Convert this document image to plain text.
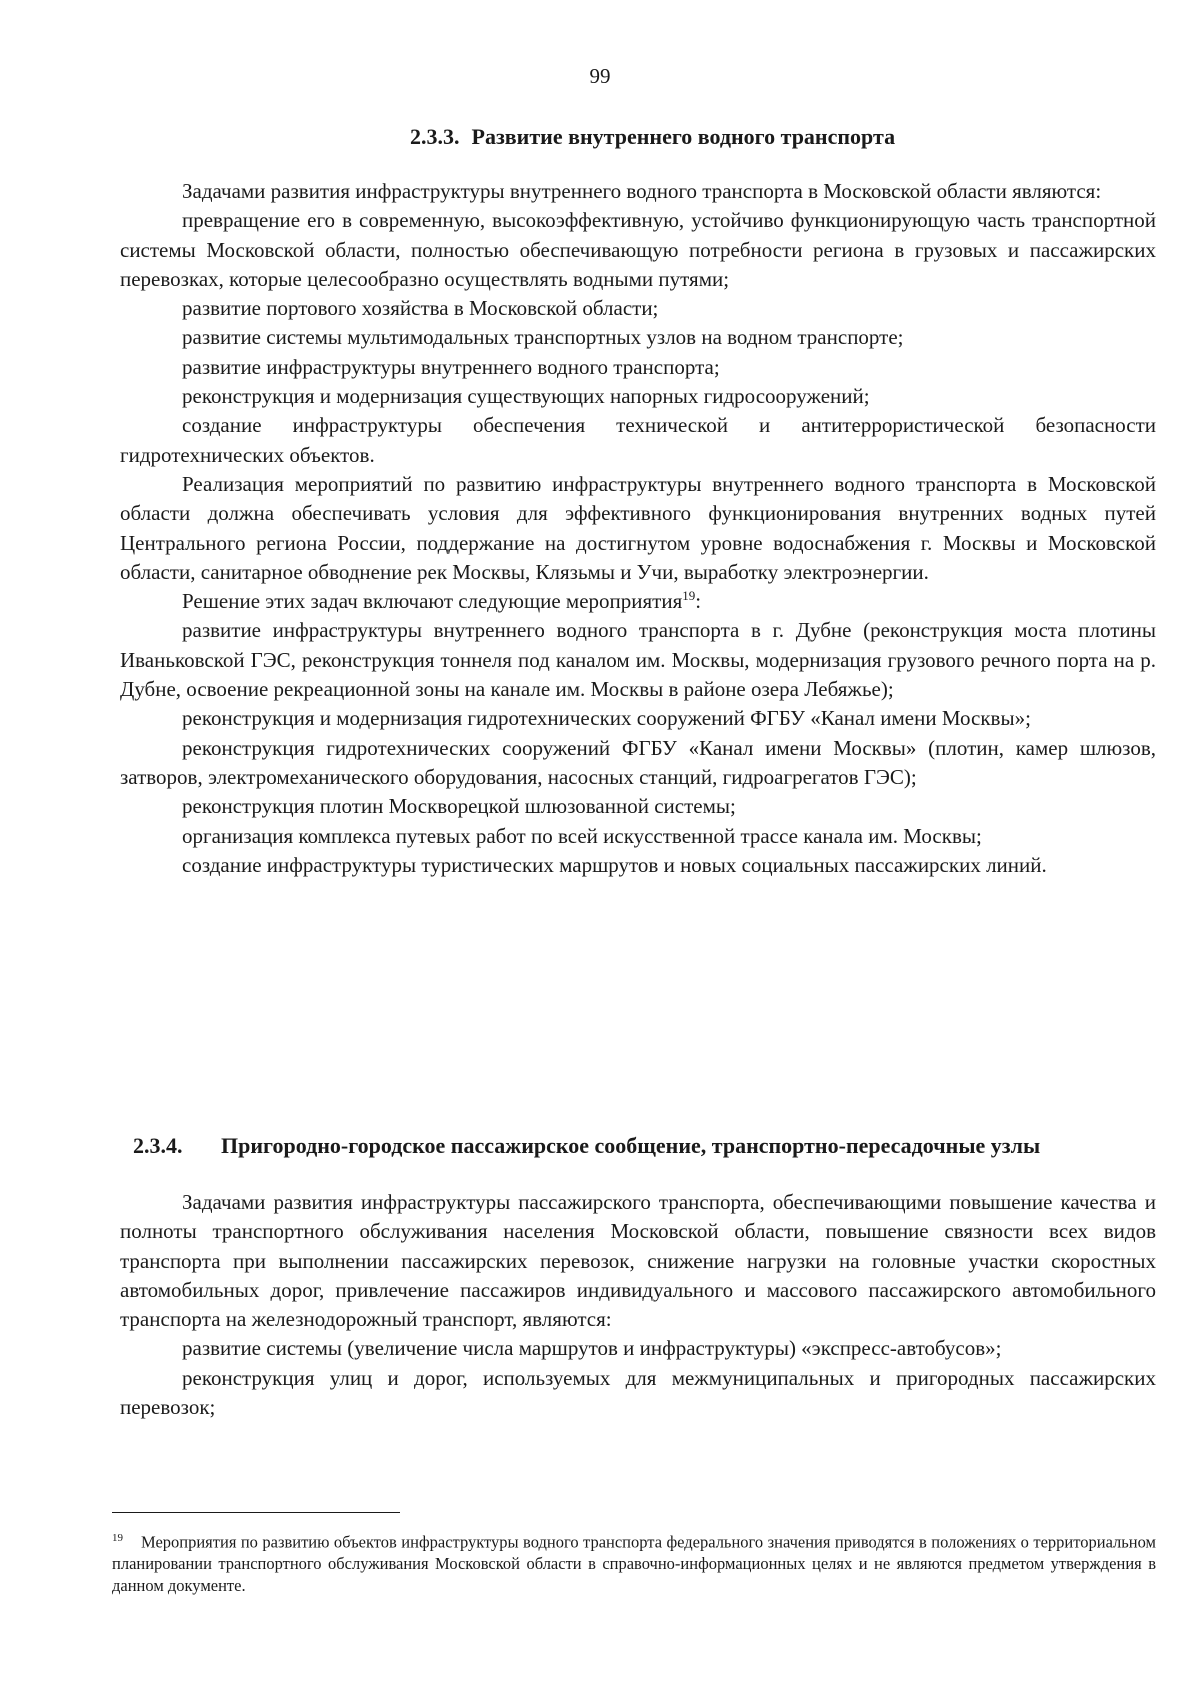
99
2.3.3. Развитие внутреннего водного транспорта

Задачами развития инфраструктуры внутреннего водного транспорта в Московской области являются:

превращение его в современную, высокоэффективную, устойчиво функционирующую часть транспортной системы Московской области, полностью обеспечивающую потребности региона в грузовых и пассажирских перевозках, которые целесообразно осуществлять водными путями;

развитие портового хозяйства в Московской области;

развитие системы мультимодальных транспортных узлов на водном транспорте;

развитие инфраструктуры внутреннего водного транспорта;

реконструкция и модернизация существующих напорных гидросооружений;

создание инфраструктуры обеспечения технической и антитеррористической безопасности гидротехнических объектов.

Реализация мероприятий по развитию инфраструктуры внутреннего водного транспорта в Московской области должна обеспечивать условия для эффективного функционирования внутренних водных путей Центрального региона России, поддержание на достигнутом уровне водоснабжения г. Москвы и Московской области, санитарное обводнение рек Москвы, Клязьмы и Учи, выработку электроэнергии.

Решение этих задач включают следующие мероприятия$^{19}$:

развитие инфраструктуры внутреннего водного транспорта в г. Дубне (реконструкция моста плотины Иваньковской ГЭС, реконструкция тоннеля под каналом им. Москвы, модернизация грузового речного порта на р. Дубне, освоение рекреационной зоны на канале им. Москвы в районе озера Лебяжье);

реконструкция и модернизация гидротехнических сооружений ФГБУ «Канал имени Москвы»;

реконструкция гидротехнических сооружений ФГБУ «Канал имени Москвы» (плотин, камер шлюзов, затворов, электромеханического оборудования, насосных станций, гидроагрегатов ГЭС);

реконструкция плотин Москворецкой шлюзованной системы;

организация комплекса путевых работ по всей искусственной трассе канала им. Москвы;

создание инфраструктуры туристических маршрутов и новых социальных пассажирских линий.

2.3.4. Пригородно-городское пассажирское сообщение, транспортно-пересадочные узлы

Задачами развития инфраструктуры пассажирского транспорта, обеспечивающими повышение качества и полноты транспортного обслуживания населения Московской области, повышение связности всех видов транспорта при выполнении пассажирских перевозок, снижение нагрузки на головные участки скоростных автомобильных дорог, привлечение пассажиров индивидуального и массового пассажирского автомобильного транспорта на железнодорожный транспорт, являются:

развитие системы (увеличение числа маршрутов и инфраструктуры) «экспресс-автобусов»;

реконструкция улиц и дорог, используемых для межмуниципальных и пригородных пассажирских перевозок;

$^{19}$ Мероприятия по развитию объектов инфраструктуры водного транспорта федерального значения приводятся в положениях о территориальном планировании транспортного обслуживания Московской области в справочно-информационных целях и не являются предметом утверждения в данном документе.
